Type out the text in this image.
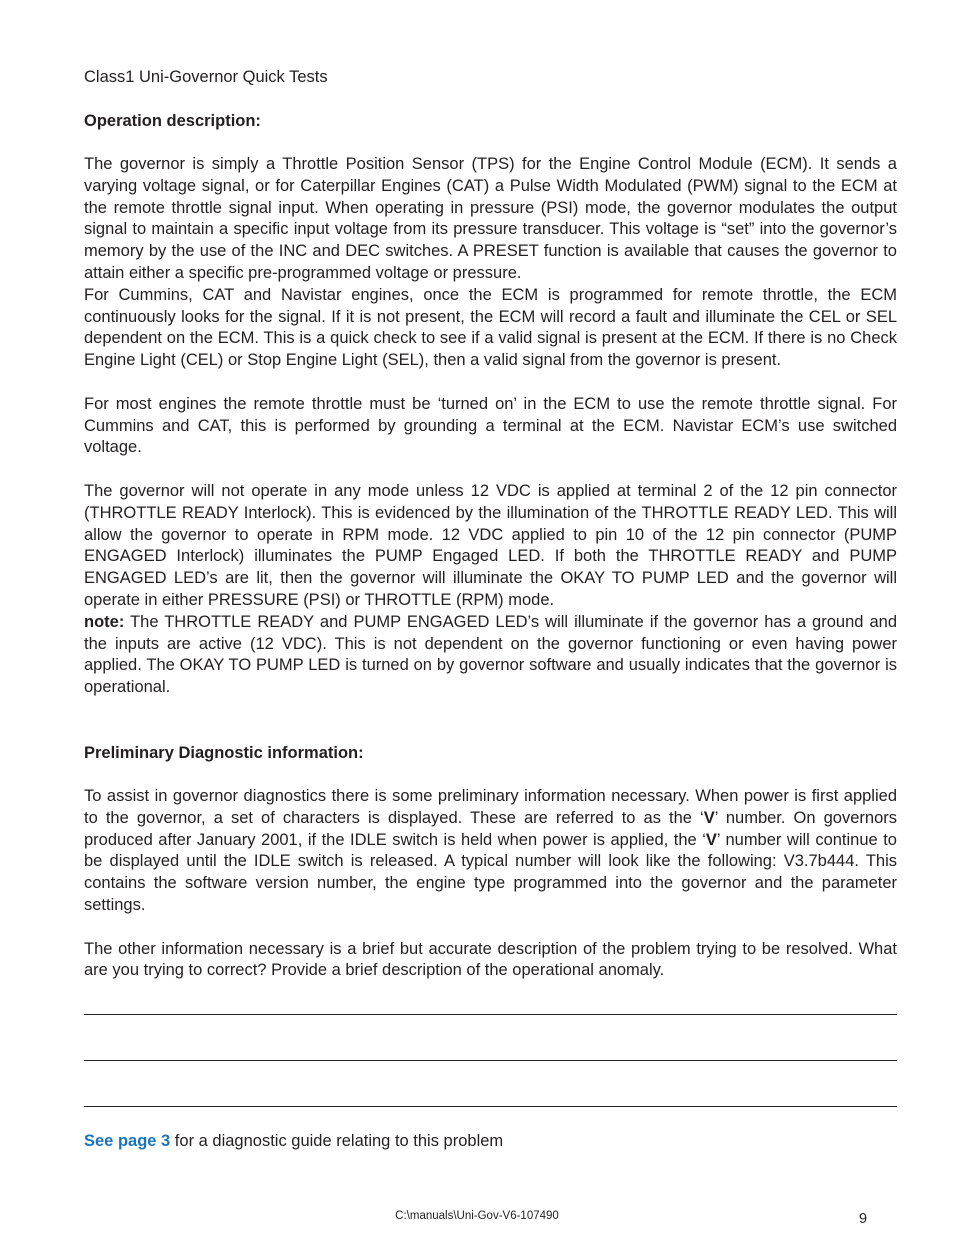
Class1 Uni-Governor Quick Tests

Operation description:

The governor is simply a Throttle Position Sensor (TPS) for the Engine Control Module (ECM). It sends a varying voltage signal, or for Caterpillar Engines (CAT) a Pulse Width Modulated (PWM) signal to the ECM at the remote throttle signal input. When operating in pressure (PSI) mode, the governor modulates the output signal to maintain a specific input voltage from its pressure transducer. This voltage is “set” into the governor’s memory by the use of the INC and DEC switches. A PRESET function is available that causes the governor to attain either a specific pre-programmed voltage or pressure.

For Cummins, CAT and Navistar engines, once the ECM is programmed for remote throttle, the ECM continuously looks for the signal. If it is not present, the ECM will record a fault and illuminate the CEL or SEL dependent on the ECM. This is a quick check to see if a valid signal is present at the ECM. If there is no Check Engine Light (CEL) or Stop Engine Light (SEL), then a valid signal from the governor is present.

For most engines the remote throttle must be ‘turned on’ in the ECM to use the remote throttle signal. For Cummins and CAT, this is performed by grounding a terminal at the ECM. Navistar ECM’s use switched voltage.

The governor will not operate in any mode unless 12 VDC is applied at terminal 2 of the 12 pin connector (THROTTLE READY Interlock). This is evidenced by the illumination of the THROTTLE READY LED. This will allow the governor to operate in RPM mode. 12 VDC applied to pin 10 of the 12 pin connector (PUMP ENGAGED Interlock) illuminates the PUMP Engaged LED. If both the THROTTLE READY and PUMP ENGAGED LED’s are lit, then the governor will illuminate the OKAY TO PUMP LED and the governor will operate in either PRESSURE (PSI) or THROTTLE (RPM) mode.

note: The THROTTLE READY and PUMP ENGAGED LED’s will illuminate if the governor has a ground and the inputs are active (12 VDC). This is not dependent on the governor functioning or even having power applied. The OKAY TO PUMP LED is turned on by governor software and usually indicates that the governor is operational.

Preliminary Diagnostic information:

To assist in governor diagnostics there is some preliminary information necessary. When power is first applied to the governor, a set of characters is displayed. These are referred to as the ‘V’ number. On governors produced after January 2001, if the IDLE switch is held when power is applied, the ‘V’ number will continue to be displayed until the IDLE switch is released. A typical number will look like the following: V3.7b444. This contains the software version number, the engine type programmed into the governor and the parameter settings.

The other information necessary is a brief but accurate description of the problem trying to be resolved. What are you trying to correct? Provide a brief description of the operational anomaly.

See page 3 for a diagnostic guide relating to this problem

C:\manuals\Uni-Gov-V6-107490	9
